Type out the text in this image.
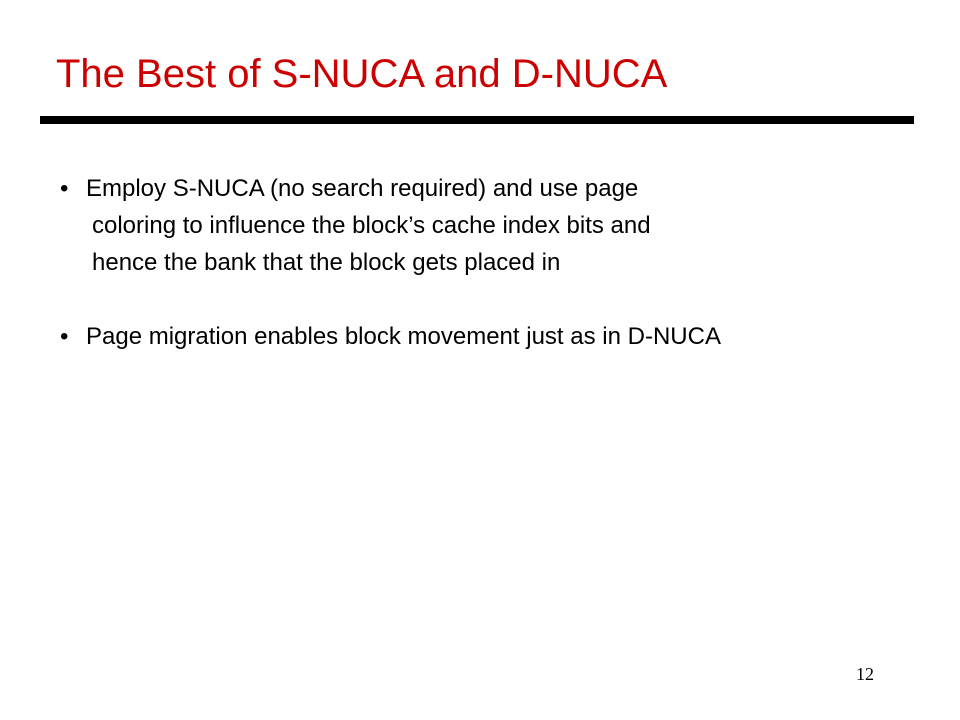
The Best of S-NUCA and D-NUCA
• Employ S-NUCA (no search required) and use page
coloring to influence the block’s cache index bits and
hence the bank that the block gets placed in
• Page migration enables block movement just as in D-NUCA
12
